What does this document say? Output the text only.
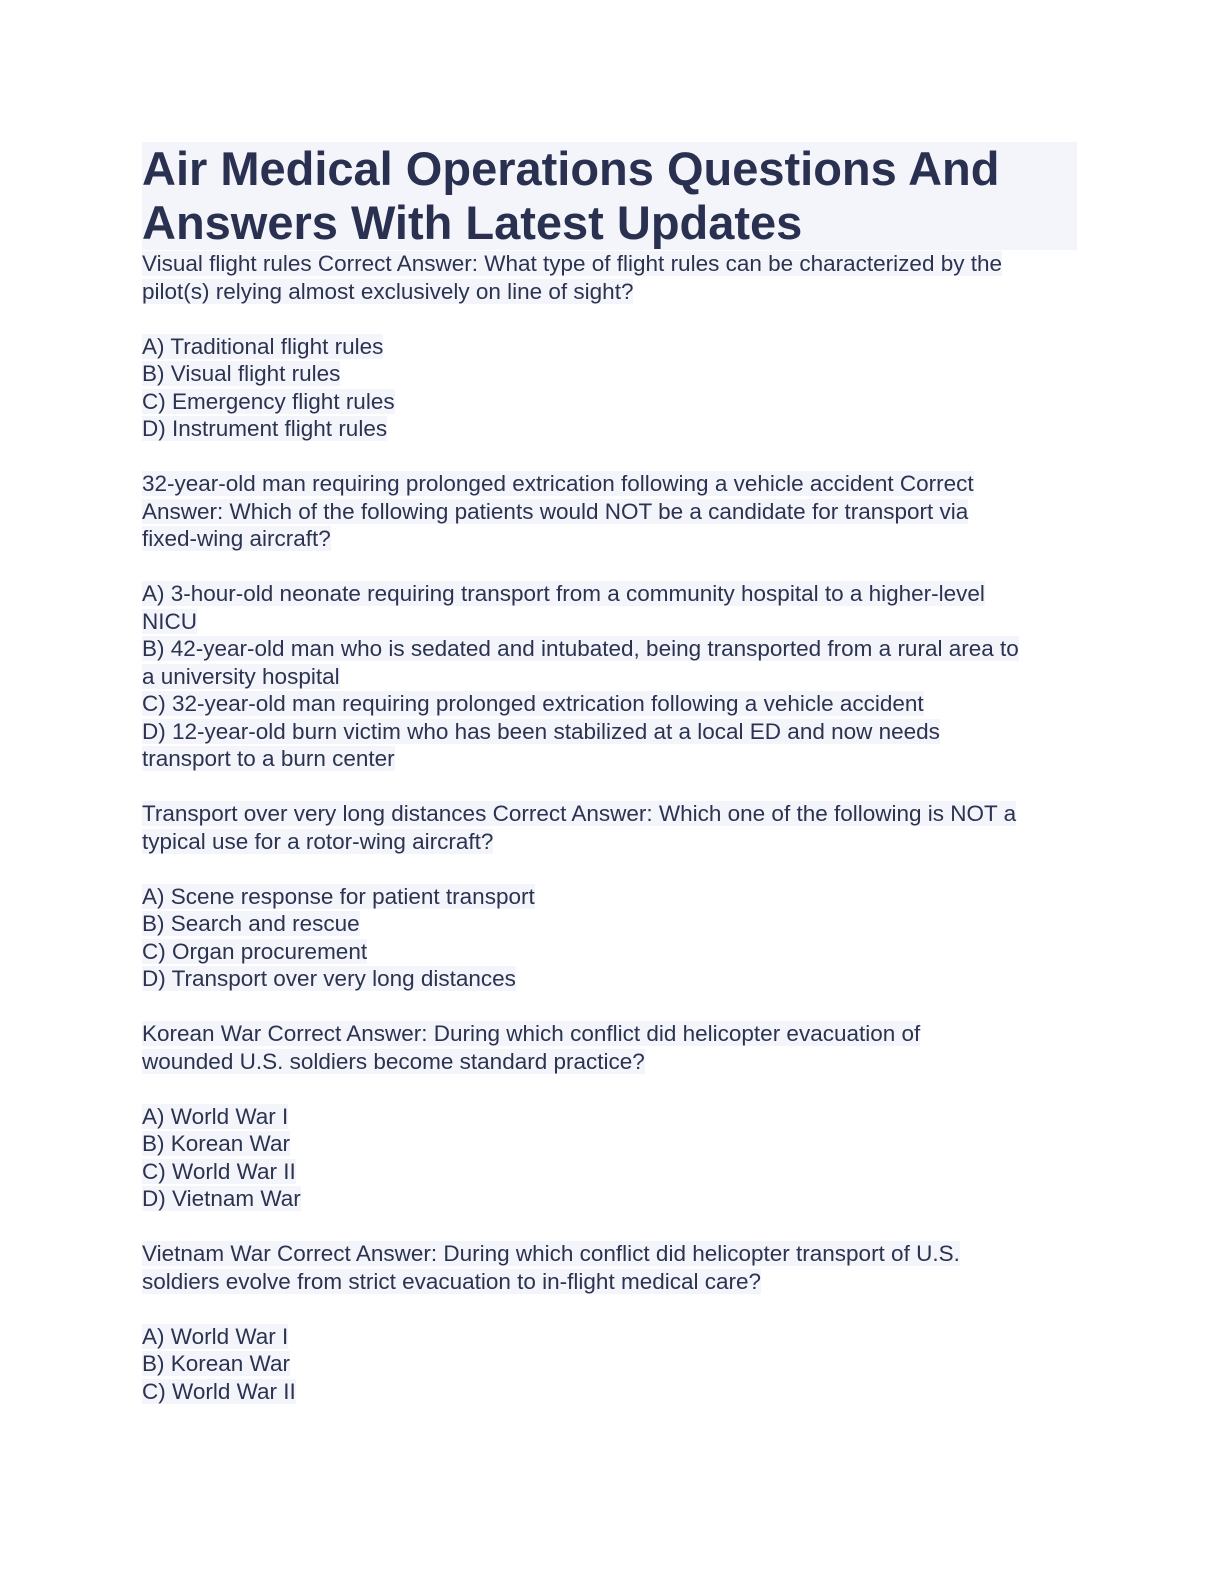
Air Medical Operations Questions And
Answers With Latest Updates
Visual flight rules Correct Answer: What type of flight rules can be characterized by the
pilot(s) relying almost exclusively on line of sight?
A) Traditional flight rules
B) Visual flight rules
C) Emergency flight rules
D) Instrument flight rules
32-year-old man requiring prolonged extrication following a vehicle accident Correct
Answer: Which of the following patients would NOT be a candidate for transport via
fixed-wing aircraft?
A) 3-hour-old neonate requiring transport from a community hospital to a higher-level
NICU
B) 42-year-old man who is sedated and intubated, being transported from a rural area to
a university hospital
C) 32-year-old man requiring prolonged extrication following a vehicle accident
D) 12-year-old burn victim who has been stabilized at a local ED and now needs
transport to a burn center
Transport over very long distances Correct Answer: Which one of the following is NOT a
typical use for a rotor-wing aircraft?
A) Scene response for patient transport
B) Search and rescue
C) Organ procurement
D) Transport over very long distances
Korean War Correct Answer: During which conflict did helicopter evacuation of
wounded U.S. soldiers become standard practice?
A) World War I
B) Korean War
C) World War II
D) Vietnam War
Vietnam War Correct Answer: During which conflict did helicopter transport of U.S.
soldiers evolve from strict evacuation to in-flight medical care?
A) World War I
B) Korean War
C) World War II
